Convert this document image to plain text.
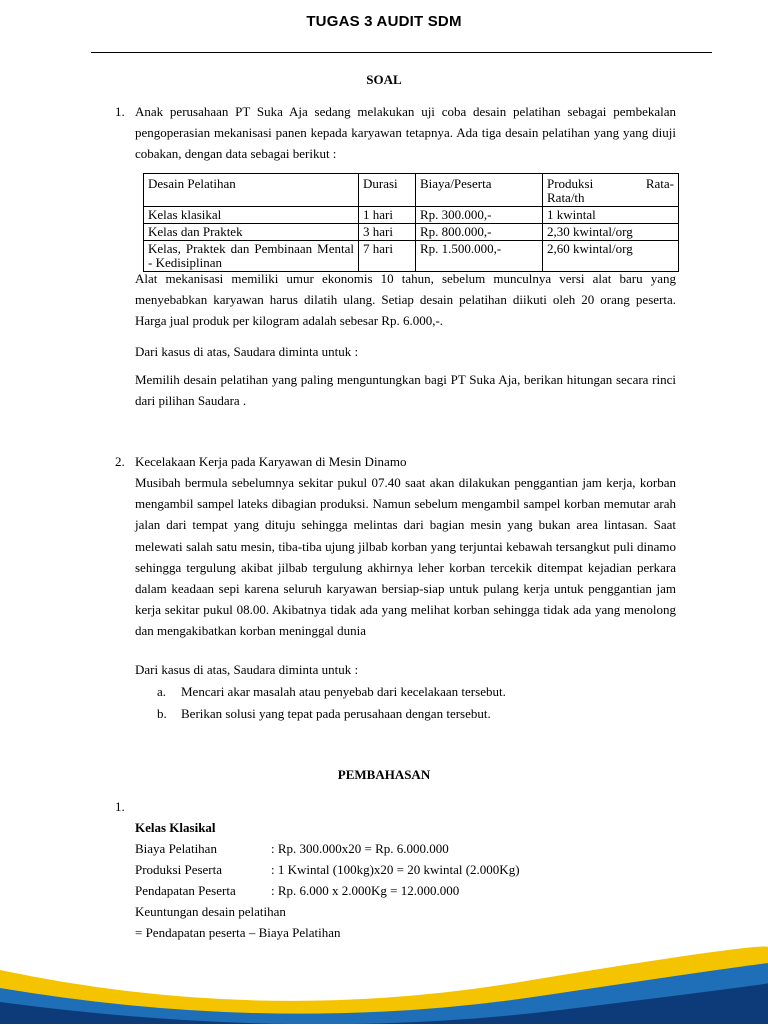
TUGAS 3 AUDIT SDM
SOAL
1. Anak perusahaan PT Suka Aja sedang melakukan uji coba desain pelatihan sebagai pembekalan pengoperasian mekanisasi panen kepada karyawan tetapnya. Ada tiga desain pelatihan yang yang diuji cobakan, dengan data sebagai berikut :
Desain Pelatihan	Durasi	Biaya/Peserta	Produksi Rata-
Rata/th
Kelas klasikal	1 hari	Rp. 300.000,-	1 kwintal
Kelas dan Praktek	3 hari	Rp. 800.000,-	2,30 kwintal/org
Kelas, Praktek dan Pembinaan Mental - Kedisiplinan	7 hari	Rp. 1.500.000,-	2,60 kwintal/org
Alat mekanisasi memiliki umur ekonomis 10 tahun, sebelum munculnya versi alat baru yang menyebabkan karyawan harus dilatih ulang. Setiap desain pelatihan diikuti oleh 20 orang peserta. Harga jual produk per kilogram adalah sebesar Rp. 6.000,-.
Dari kasus di atas, Saudara diminta untuk :
Memilih desain pelatihan yang paling menguntungkan bagi PT Suka Aja, berikan hitungan secara rinci dari pilihan Saudara .
2. Kecelakaan Kerja pada Karyawan di Mesin Dinamo
Musibah bermula sebelumnya sekitar pukul 07.40 saat akan dilakukan penggantian jam kerja, korban mengambil sampel lateks dibagian produksi. Namun sebelum mengambil sampel korban memutar arah jalan dari tempat yang dituju sehingga melintas dari bagian mesin yang bukan area lintasan. Saat melewati salah satu mesin, tiba-tiba ujung jilbab korban yang terjuntai kebawah tersangkut puli dinamo sehingga tergulung akibat jilbab tergulung akhirnya leher korban tercekik ditempat kejadian perkara dalam keadaan sepi karena seluruh karyawan bersiap-siap untuk pulang kerja untuk penggantian jam kerja sekitar pukul 08.00. Akibatnya tidak ada yang melihat korban sehingga tidak ada yang menolong dan mengakibatkan korban meninggal dunia
Dari kasus di atas, Saudara diminta untuk :
a. Mencari akar masalah atau penyebab dari kecelakaan tersebut.
b. Berikan solusi yang tepat pada perusahaan dengan tersebut.
PEMBAHASAN
1.
Kelas Klasikal
Biaya Pelatihan	: Rp. 300.000x20 = Rp. 6.000.000
Produksi Peserta	: 1 Kwintal (100kg)x20 = 20 kwintal (2.000Kg)
Pendapatan Peserta	: Rp. 6.000 x 2.000Kg = 12.000.000
Keuntungan desain pelatihan
= Pendapatan peserta – Biaya Pelatihan
